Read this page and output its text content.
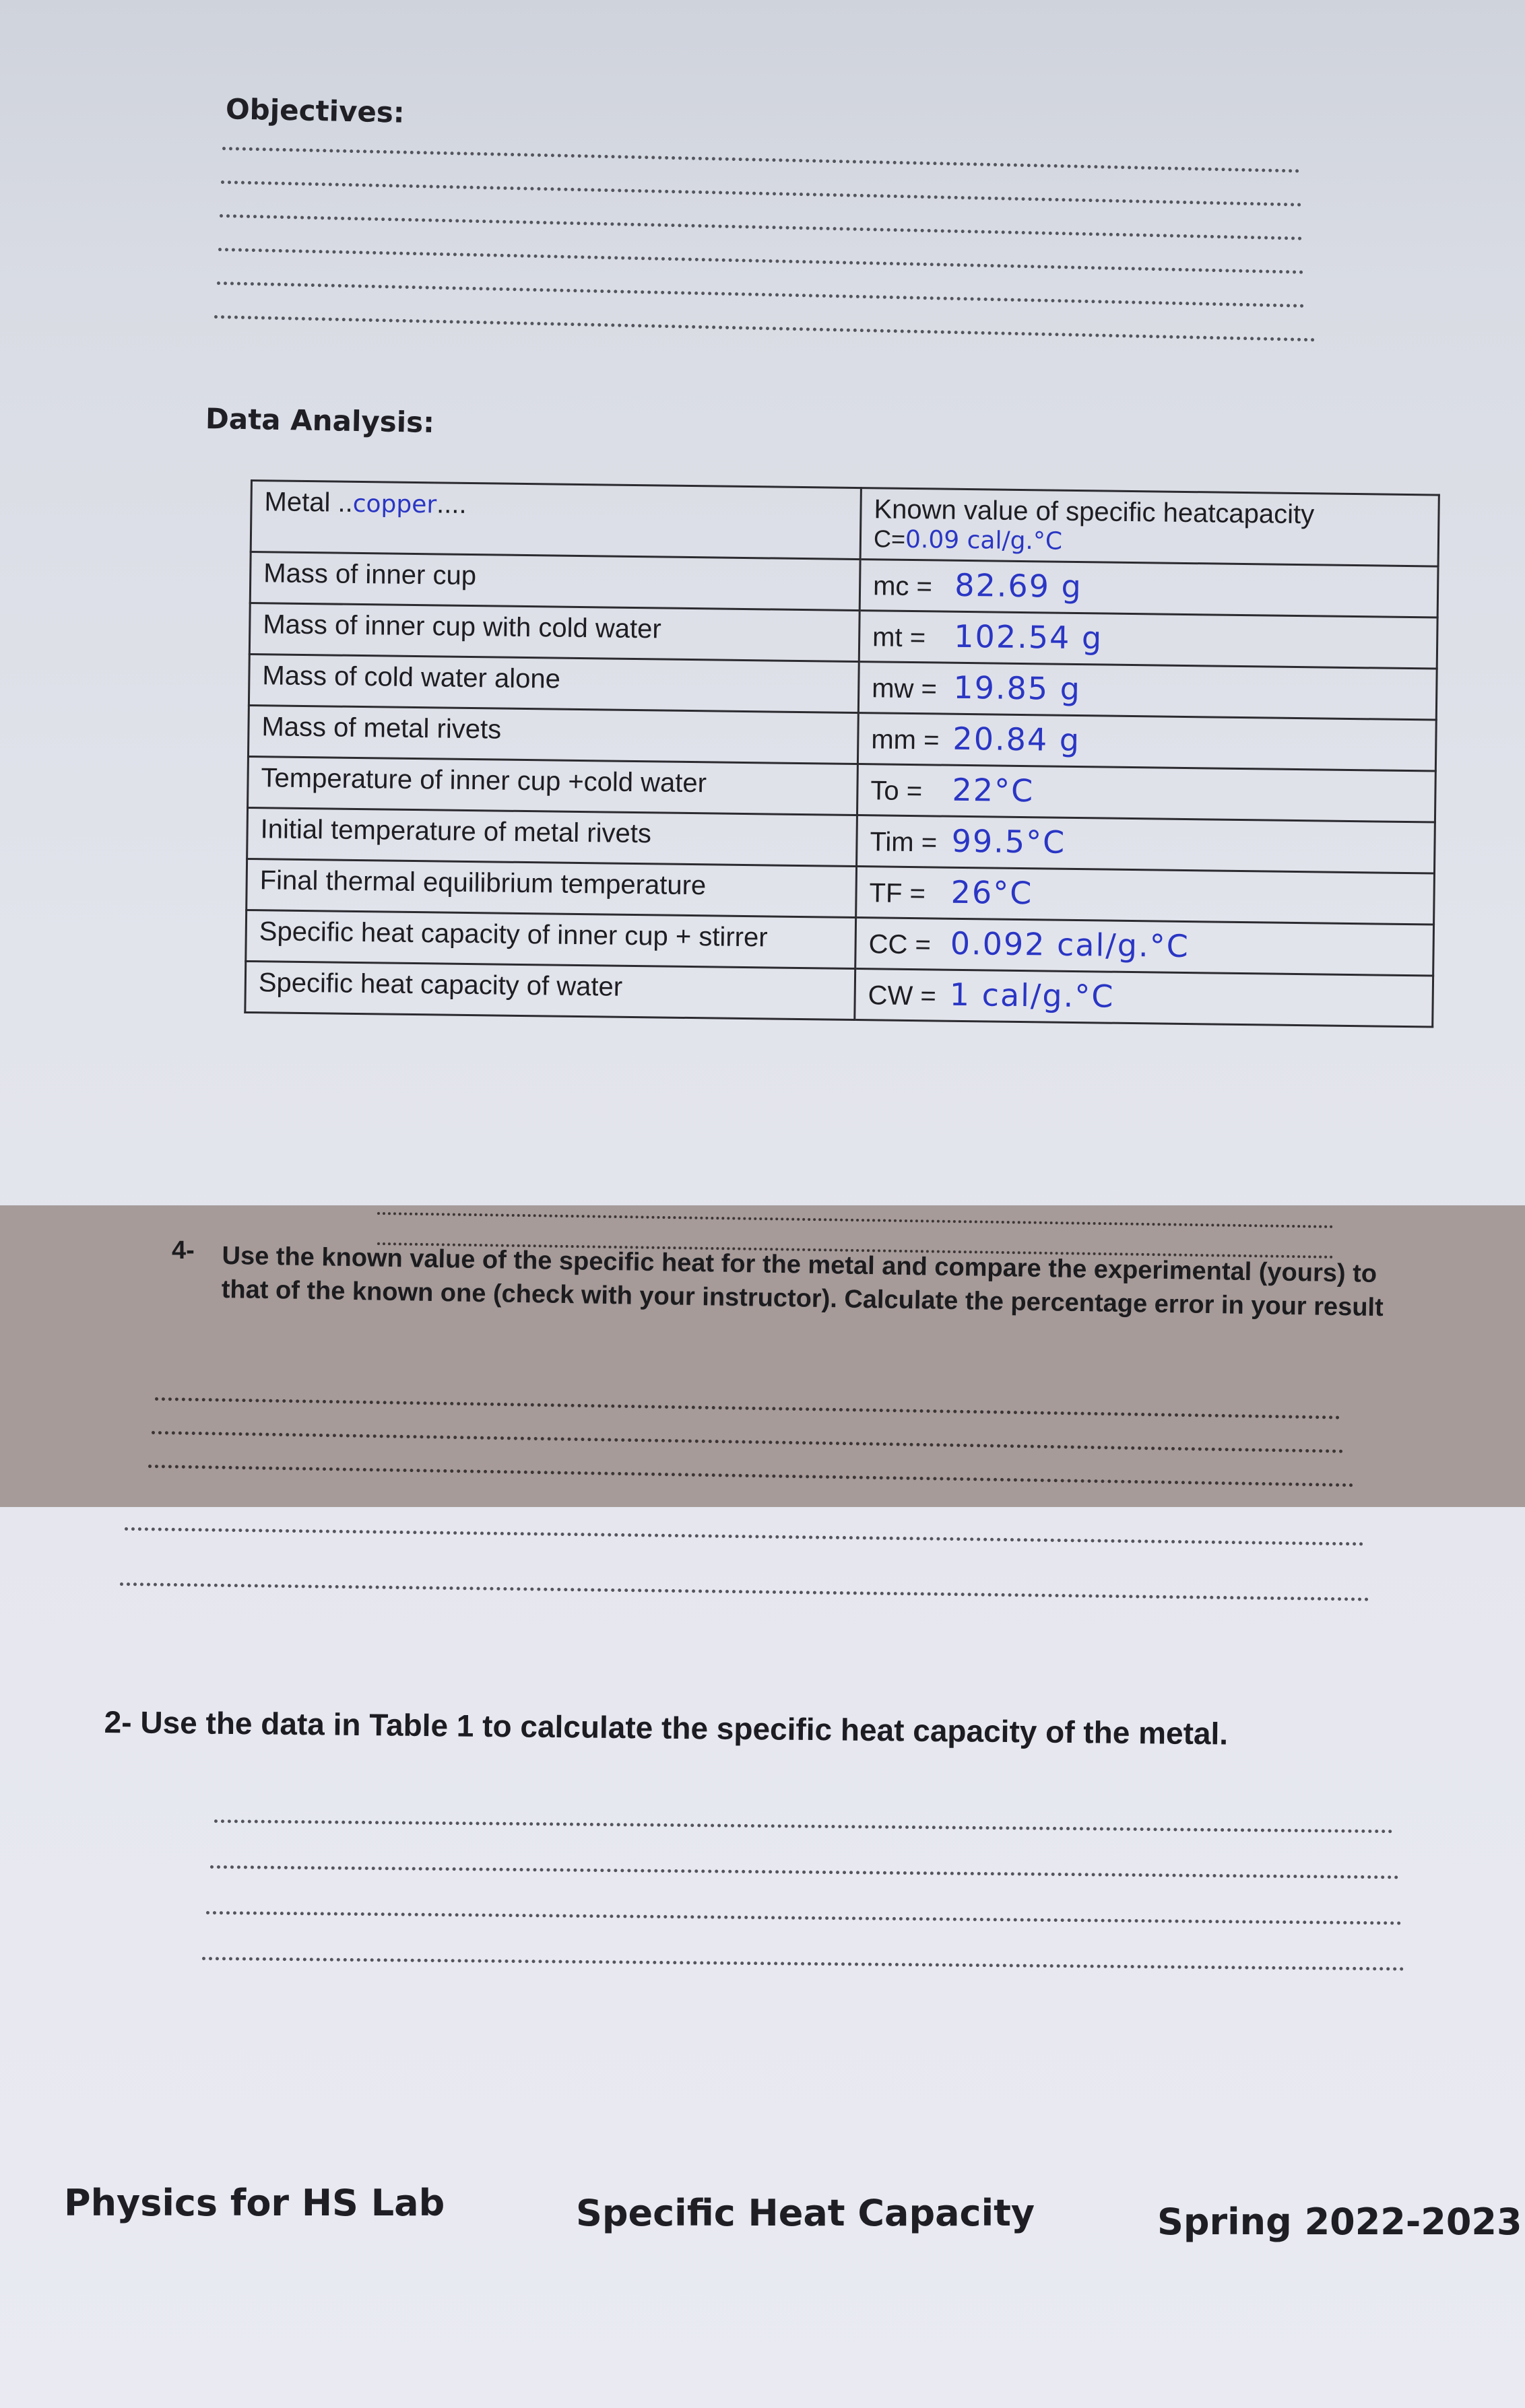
Objectives:
Data Analysis:
Metal ..copper....	Known value of specific heatcapacity
C=0.09 cal/g.°C

Mass of inner cup	mc = 82.69 g
Mass of inner cup with cold water	mt = 102.54 g
Mass of cold water alone	mw = 19.85 g
Mass of metal rivets	mm = 20.84 g
Temperature of inner cup +cold water	To = 22°C
Initial temperature of metal rivets	Tim = 99.5°C
Final thermal equilibrium temperature	TF = 26°C
Specific heat capacity of inner cup + stirrer	CC = 0.092 cal/g.°C
Specific heat capacity of water	CW = 1 cal/g.°C
4- Use the known value of the specific heat for the metal and compare the experimental (yours) to that of the known one (check with your instructor). Calculate the percentage error in your result
2- Use the data in Table 1 to calculate the specific heat capacity of the metal.
Physics for HS Lab	Specific Heat Capacity	Spring 2022-2023
